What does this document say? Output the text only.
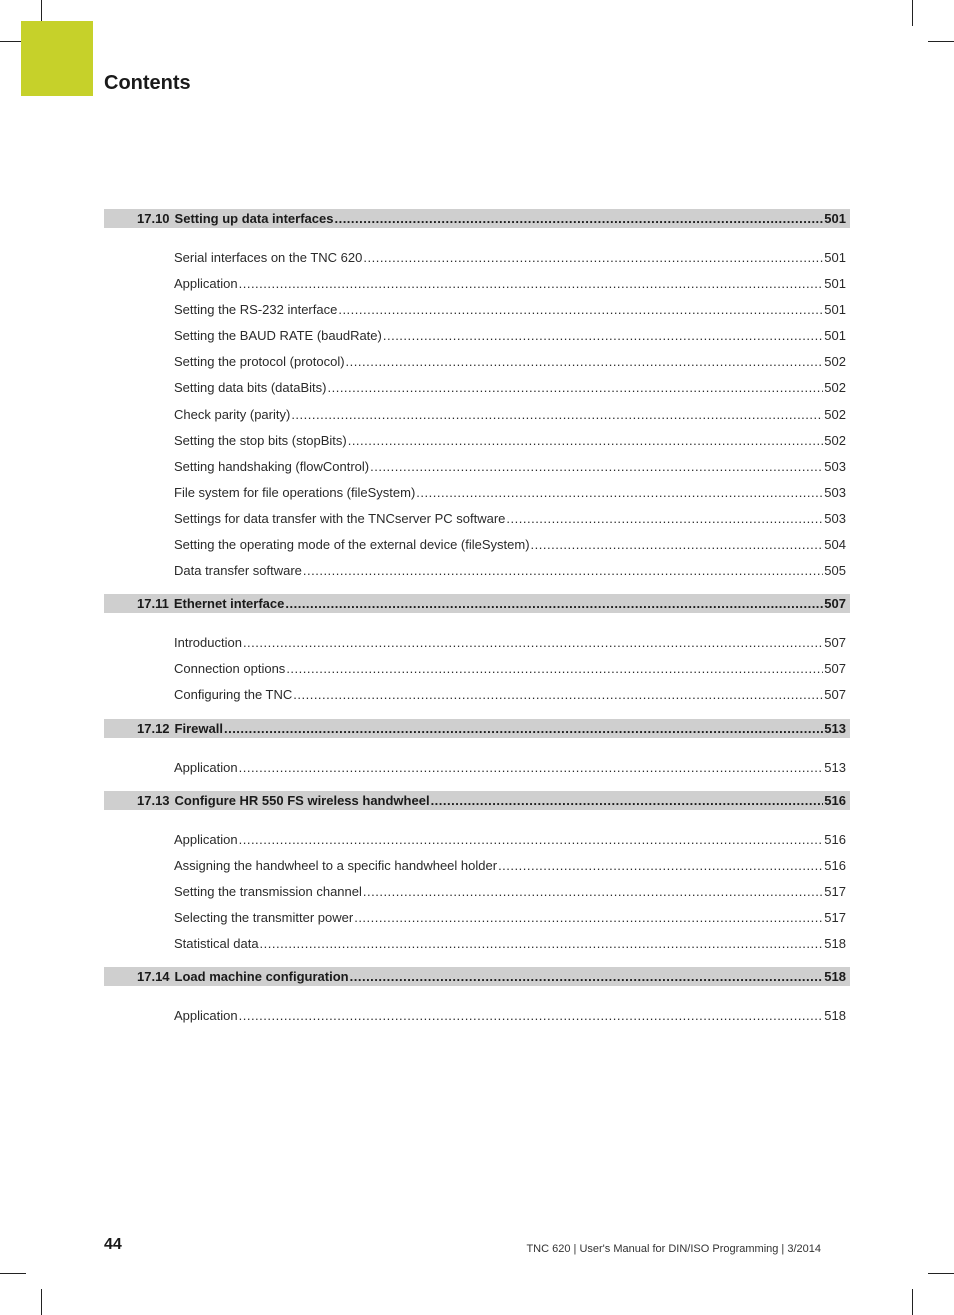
Contents
17.10 Setting up data interfaces .....	501
Serial interfaces on the TNC 620 .....	501
Application .....	501
Setting the RS-232 interface .....	501
Setting the BAUD RATE (baudRate) .....	501
Setting the protocol (protocol) .....	502
Setting data bits (dataBits) .....	502
Check parity (parity) .....	502
Setting the stop bits (stopBits) .....	502
Setting handshaking (flowControl) .....	503
File system for file operations (fileSystem) .....	503
Settings for data transfer with the TNCserver PC software .....	503
Setting the operating mode of the external device (fileSystem) .....	504
Data transfer software .....	505
17.11 Ethernet interface .....	507
Introduction .....	507
Connection options .....	507
Configuring the TNC .....	507
17.12 Firewall .....	513
Application .....	513
17.13 Configure HR 550 FS wireless handwheel .....	516
Application .....	516
Assigning the handwheel to a specific handwheel holder .....	516
Setting the transmission channel .....	517
Selecting the transmitter power .....	517
Statistical data .....	518
17.14 Load machine configuration .....	518
Application .....	518
44	TNC 620 | User's Manual for DIN/ISO Programming | 3/2014
